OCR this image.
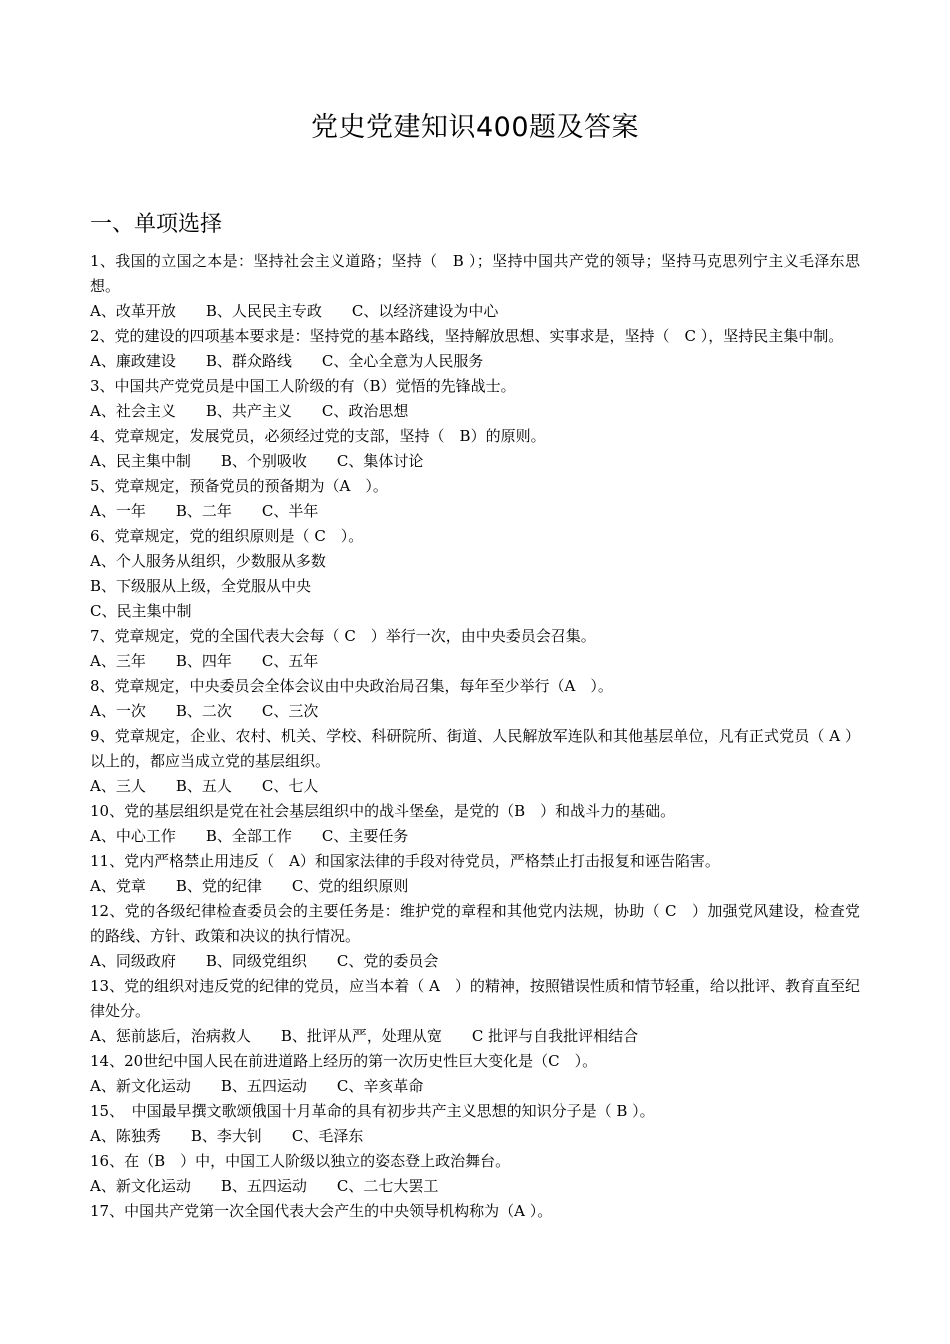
党史党建知识400题及答案
一、单项选择
1、我国的立国之本是：坚持社会主义道路；坚持（　B ）；坚持中国共产党的领导；坚持马克思列宁主义毛泽东思想。
A、改革开放　　B、人民民主专政　　C、以经济建设为中心
2、党的建设的四项基本要求是：坚持党的基本路线，坚持解放思想、实事求是，坚持（　C ），坚持民主集中制。
A、廉政建设　　B、群众路线　　C、全心全意为人民服务
3、中国共产党党员是中国工人阶级的有（B）觉悟的先锋战士。
A、社会主义　　B、共产主义　　C、政治思想
4、党章规定，发展党员，必须经过党的支部，坚持（　B）的原则。
A、民主集中制　　B、个别吸收　　C、集体讨论
5、党章规定，预备党员的预备期为（A　）。
A、一年　　B、二年　　C、半年
6、党章规定，党的组织原则是（ C　）。
A、个人服务从组织，少数服从多数
B、下级服从上级，全党服从中央
C、民主集中制
7、党章规定，党的全国代表大会每（ C　）举行一次，由中央委员会召集。
A、三年　　B、四年　　C、五年
8、党章规定，中央委员会全体会议由中央政治局召集，每年至少举行（A　）。
A、一次　　B、二次　　C、三次
9、党章规定，企业、农村、机关、学校、科研院所、街道、人民解放军连队和其他基层单位，凡有正式党员（ A ）以上的，都应当成立党的基层组织。
A、三人　　B、五人　　C、七人
10、党的基层组织是党在社会基层组织中的战斗堡垒，是党的（B　）和战斗力的基础。
A、中心工作　　B、全部工作　　C、主要任务
11、党内严格禁止用违反（　A）和国家法律的手段对待党员，严格禁止打击报复和诬告陷害。
A、党章　　B、党的纪律　　C、党的组织原则
12、党的各级纪律检查委员会的主要任务是：维护党的章程和其他党内法规，协助（ C　）加强党风建设，检查党的路线、方针、政策和决议的执行情况。
A、同级政府　　B、同级党组织　　C、党的委员会
13、党的组织对违反党的纪律的党员，应当本着（ A　）的精神，按照错误性质和情节轻重，给以批评、教育直至纪律处分。
A、惩前毖后，治病救人　　B、批评从严，处理从宽　　C 批评与自我批评相结合
14、20世纪中国人民在前进道路上经历的第一次历史性巨大变化是（C　）。
A、新文化运动　　B、五四运动　　C、辛亥革命
15、　中国最早撰文歌颂俄国十月革命的具有初步共产主义思想的知识分子是（ B ）。
A、陈独秀　　B、李大钊　　C、毛泽东
16、在（B　）中，中国工人阶级以独立的姿态登上政治舞台。
A、新文化运动　　B、五四运动　　C、二七大罢工
17、中国共产党第一次全国代表大会产生的中央领导机构称为（A ）。
